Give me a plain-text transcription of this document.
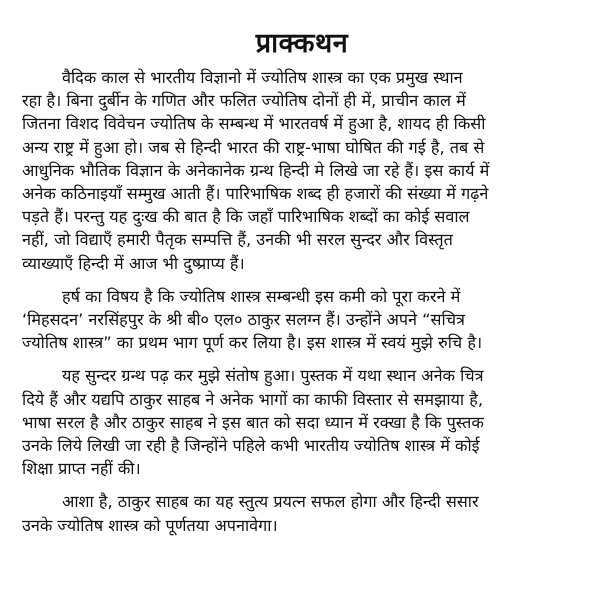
प्राक्कथन
वैदिक काल से भारतीय विज्ञानो में ज्योतिष शास्त्र का एक प्रमुख स्थान
रहा है। बिना दुर्बीन के गणित और फलित ज्योतिष दोनों ही में, प्राचीन काल में
जितना विशद विवेचन ज्योतिष के सम्बन्ध में भारतवर्ष में हुआ है, शायद ही किसी
अन्य राष्ट्र में हुआ हो। जब से हिन्दी भारत की राष्ट्र-भाषा घोषित की गई है, तब से
आधुनिक भौतिक विज्ञान के अनेकानेक ग्रन्थ हिन्दी मे लिखे जा रहे हैं। इस कार्य में
अनेक कठिनाइयाँ सम्मुख आती हैं। पारिभाषिक शब्द ही हजारों की संख्या में गढ़ने
पड़ते हैं। परन्तु यह दुःख की बात है कि जहाँ पारिभाषिक शब्दों का कोई सवाल
नहीं, जो विद्याएँ हमारी पैतृक सम्पत्ति हैं, उनकी भी सरल सुन्दर और विस्तृत
व्याख्याएँ हिन्दी में आज भी दुष्प्राप्य हैं।
हर्ष का विषय है कि ज्योतिष शास्त्र सम्बन्धी इस कमी को पूरा करने में
‘मिहसदन’ नरसिंहपुर के श्री बी० एल० ठाकुर सलग्न हैं। उन्होंने अपने “सचित्र
ज्योतिष शास्त्र” का प्रथम भाग पूर्ण कर लिया है। इस शास्त्र में स्वयं मुझे रुचि है।
यह सुन्दर ग्रन्थ पढ़ कर मुझे संतोष हुआ। पुस्तक में यथा स्थान अनेक चित्र
दिये हैं और यद्यपि ठाकुर साहब ने अनेक भागों का काफी विस्तार से समझाया है,
भाषा सरल है और ठाकुर साहब ने इस बात को सदा ध्यान में रक्खा है कि पुस्तक
उनके लिये लिखी जा रही है जिन्होंने पहिले कभी भारतीय ज्योतिष शास्त्र में कोई
शिक्षा प्राप्त नहीं की।
आशा है, ठाकुर साहब का यह स्तुत्य प्रयत्न सफल होगा और हिन्दी ससार
उनके ज्योतिष शास्त्र को पूर्णतया अपनावेगा।
